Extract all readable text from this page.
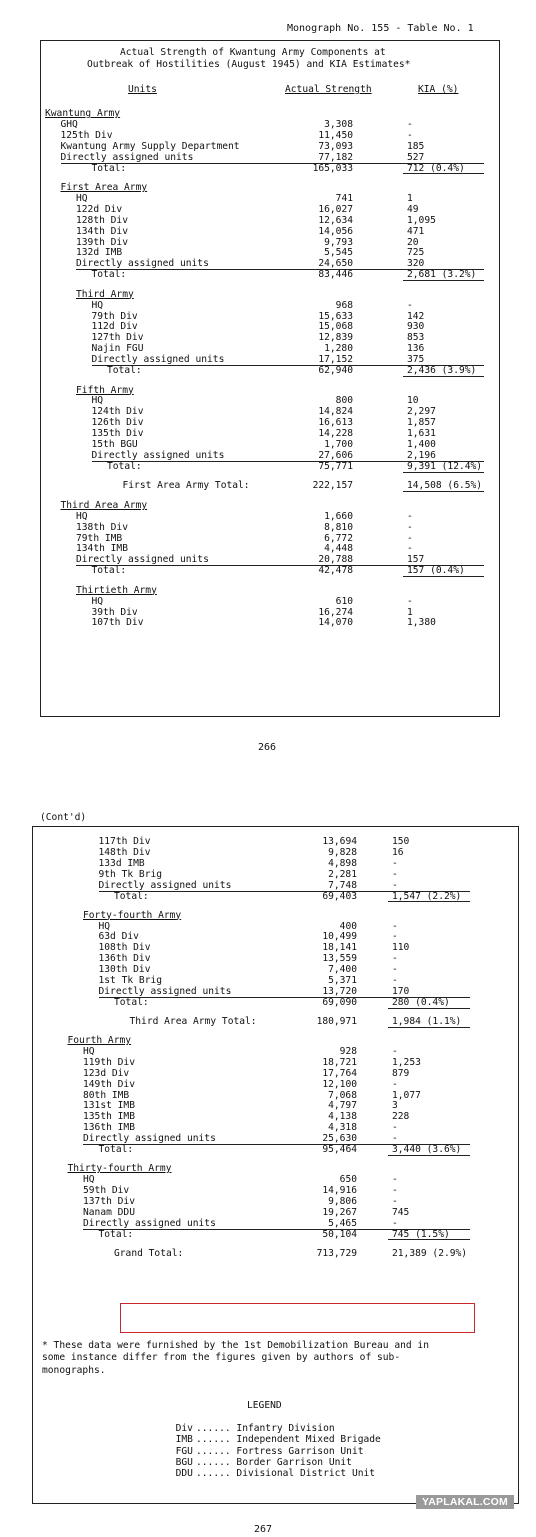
Monograph No. 155 - Table No. 1
Actual Strength of Kwantung Army Components at
Outbreak of Hostilities (August 1945) and KIA Estimates*
Units	Actual Strength	KIA (%)
Kwantung Army
GHQ	3,308	-
125th Div	11,450	-
Kwantung Army Supply Department	73,093	185
Directly assigned units	77,182	527
Total:	165,033	712 (0.4%)
First Area Army
HQ	741	1
122d Div	16,027	49
128th Div	12,634	1,095
134th Div	14,056	471
139th Div	9,793	20
132d IMB	5,545	725
Directly assigned units	24,650	320
Total:	83,446	2,681 (3.2%)
Third Army
HQ	968	-
79th Div	15,633	142
112d Div	15,068	930
127th Div	12,839	853
Najin FGU	1,280	136
Directly assigned units	17,152	375
Total:	62,940	2,436 (3.9%)
Fifth Army
HQ	800	10
124th Div	14,824	2,297
126th Div	16,613	1,857
135th Div	14,228	1,631
15th BGU	1,700	1,400
Directly assigned units	27,606	2,196
Total:	75,771	9,391 (12.4%)
First Area Army Total:	222,157	14,508 (6.5%)
Third Area Army
HQ	1,660	-
138th Div	8,810	-
79th IMB	6,772	-
134th IMB	4,448	-
Directly assigned units	20,788	157
Total:	42,478	157 (0.4%)
Thirtieth Army
HQ	610	-
39th Div	16,274	1
107th Div	14,070	1,380
266
(Cont'd)
117th Div	13,694	150
148th Div	9,828	16
133d IMB	4,898	-
9th Tk Brig	2,281	-
Directly assigned units	7,748	-
Total:	69,403	1,547 (2.2%)
Forty-fourth Army
HQ	400	-
63d Div	10,499	-
108th Div	18,141	110
136th Div	13,559	-
130th Div	7,400	-
1st Tk Brig	5,371	-
Directly assigned units	13,720	170
Total:	69,090	280 (0.4%)
Third Area Army Total:	180,971	1,984 (1.1%)
Fourth Army
HQ	928	-
119th Div	18,721	1,253
123d Div	17,764	879
149th Div	12,100	-
80th IMB	7,068	1,077
131st IMB	4,797	3
135th IMB	4,138	228
136th IMB	4,318	-
Directly assigned units	25,630	-
Total:	95,464	3,440 (3.6%)
Thirty-fourth Army
HQ	650	-
59th Div	14,916	-
137th Div	9,806	-
Nanam DDU	19,267	745
Directly assigned units	5,465	-
Total:	50,104	745 (1.5%)
Grand Total:	713,729	21,389 (2.9%)
* These data were furnished by the 1st Demobilization Bureau and in
some instance differ from the figures given by authors of sub-
monographs.
LEGEND
Div ...... Infantry Division
IMB ...... Independent Mixed Brigade
FGU ...... Fortress Garrison Unit
BGU ...... Border Garrison Unit
DDU ...... Divisional District Unit
YAPLAKAL.COM
267
